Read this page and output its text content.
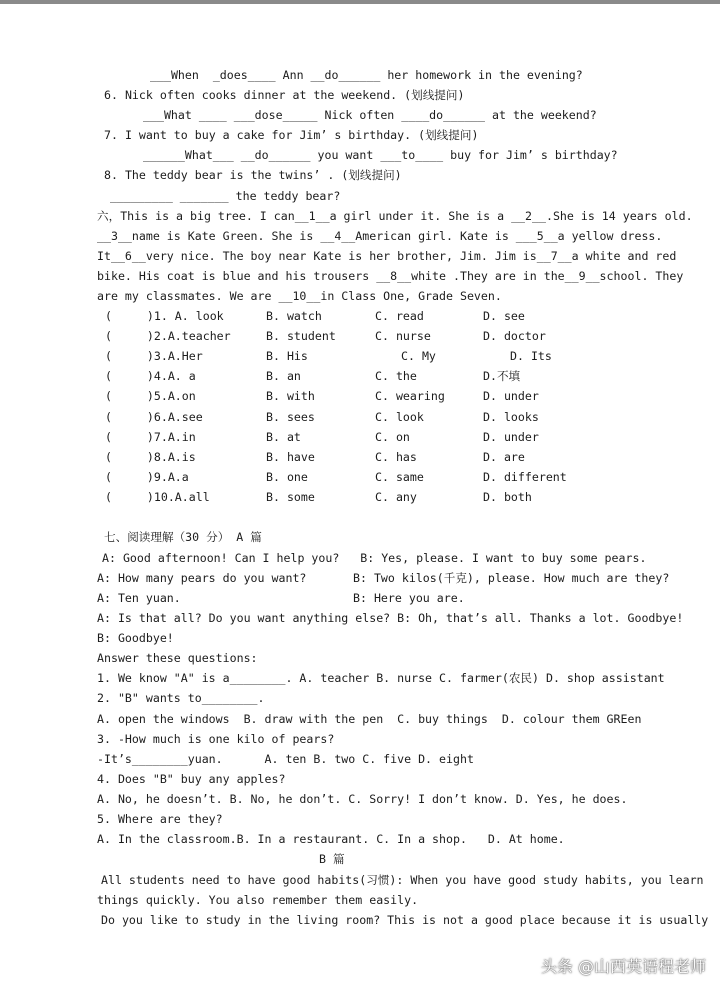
___When  _does____ Ann __do______ her homework in the evening?
6. Nick often cooks dinner at the weekend. (划线提问)
___What ____ ___dose_____ Nick often ____do______ at the weekend?
7. I want to buy a cake for Jim’ s birthday. (划线提问)
______What___ __do______ you want ___to____ buy for Jim’ s birthday?
8. The teddy bear is the twins’ . (划线提问)
_________ _______ the teddy bear?
六，This is a big tree. I can__1__a girl under it. She is a __2__.She is 14 years old.
__3__name is Kate Green. She is __4__American girl. Kate is ___5__a yellow dress.
It__6__very nice. The boy near Kate is her brother, Jim. Jim is__7__a white and red
bike. His coat is blue and his trousers __8__white .They are in the__9__school. They
are my classmates. We are __10__in Class One, Grade Seven.
(     )1. A. look	B. watch	C. read	D. see
(     )2.A.teacher	B. student	C. nurse	D. doctor
(     )3.A.Her	B. His	C. My	D. Its
(     )4.A. a	B. an	C. the	D.不填
(     )5.A.on	B. with	C. wearing	D. under
(     )6.A.see	B. sees	C. look	D. looks
(     )7.A.in	B. at	C. on	D. under
(     )8.A.is	B. have	C. has	D. are
(     )9.A.a	B. one	C. same	D. different
(     )10.A.all	B. some	C. any	D. both
七、阅读理解（30 分） A 篇
A: Good afternoon! Can I help you?   B: Yes, please. I want to buy some pears.
A: How many pears do you want?	B: Two kilos(千克), please. How much are they?
A: Ten yuan.	B: Here you are.
A: Is that all? Do you want anything else? B: Oh, that’s all. Thanks a lot. Goodbye!
B: Goodbye!
Answer these questions:
1. We know "A" is a________. A. teacher B. nurse C. farmer(农民) D. shop assistant
2. "B" wants to________.
A. open the windows  B. draw with the pen  C. buy things  D. colour them GREen
3. -How much is one kilo of pears?
-It’s________yuan.      A. ten B. two C. five D. eight
4. Does "B" buy any apples?
A. No, he doesn’t. B. No, he don’t. C. Sorry! I don’t know. D. Yes, he does.
5. Where are they?
A. In the classroom.B. In a restaurant. C. In a shop.   D. At home.
B 篇
All students need to have good habits(习惯): When you have good study habits, you learn
things quickly. You also remember them easily.
Do you like to study in the living room? This is not a good place because it is usually
头条 @山西英语程老师
